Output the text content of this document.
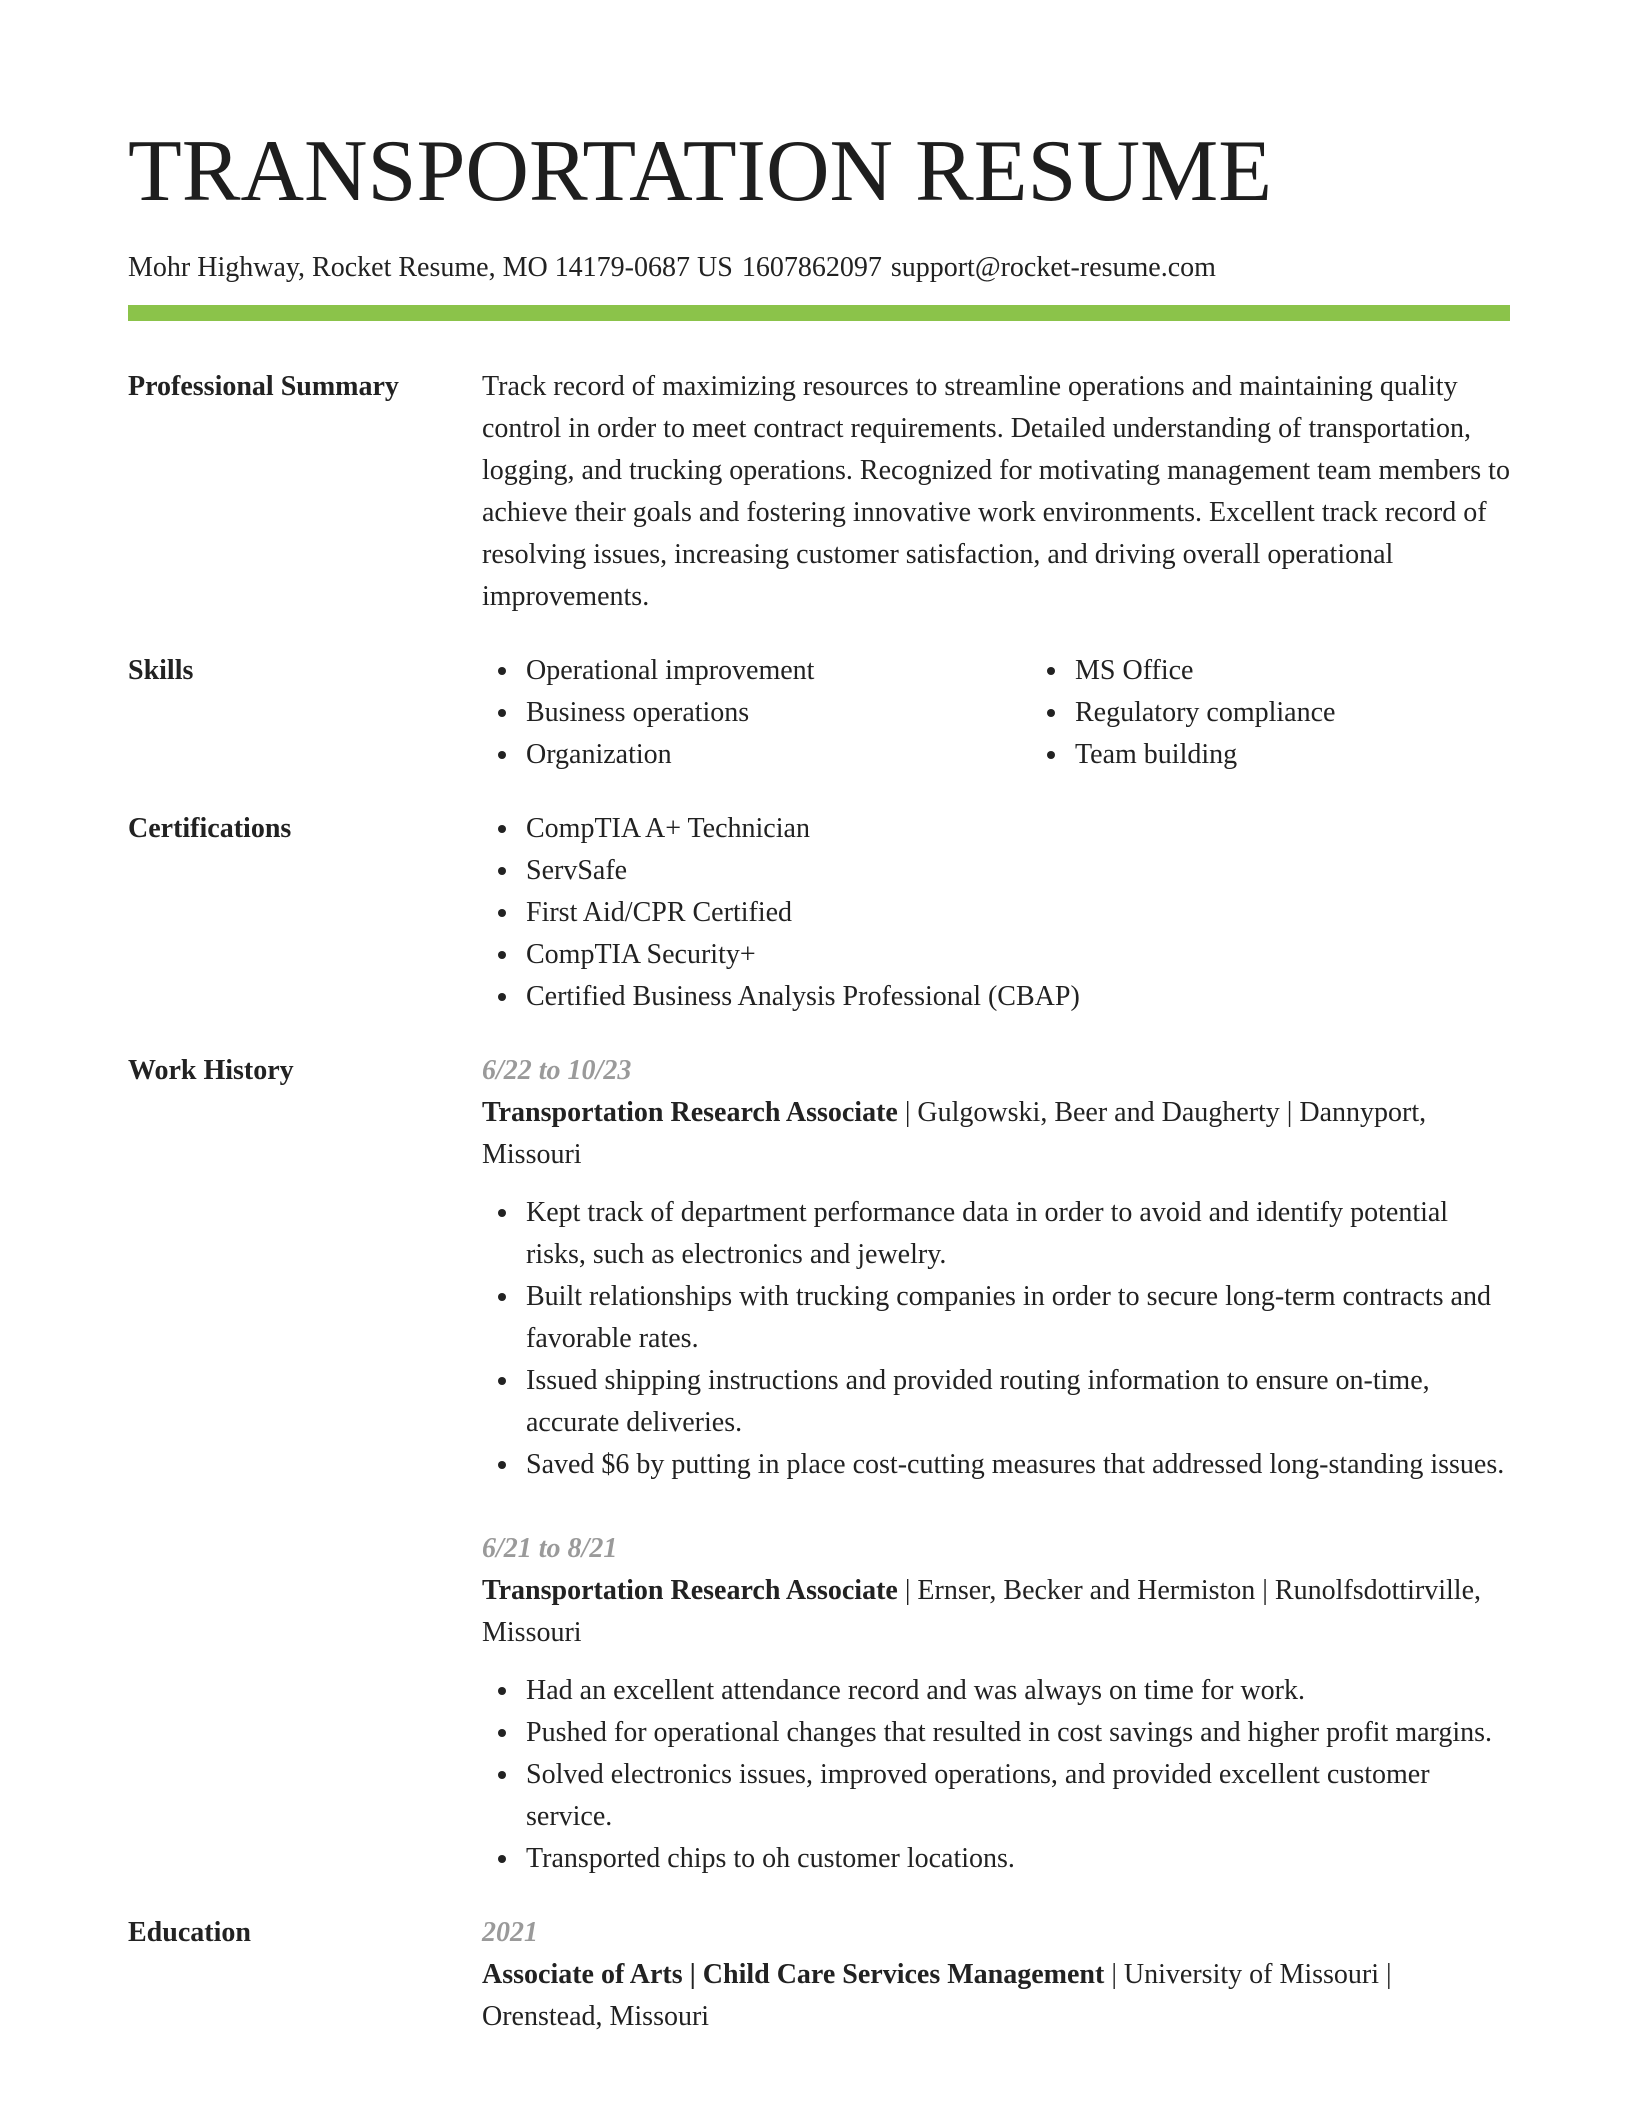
TRANSPORTATION RESUME
Mohr Highway, Rocket Resume, MO 14179-0687 US 1607862097 support@rocket-resume.com
Professional Summary	Track record of maximizing resources to streamline operations and maintaining quality control in order to meet contract requirements. Detailed understanding of transportation, logging, and trucking operations. Recognized for motivating management team members to achieve their goals and fostering innovative work environments. Excellent track record of resolving issues, increasing customer satisfaction, and driving overall operational improvements.
Skills	Operational improvement
Business operations
Organization
MS Office
Regulatory compliance
Team building
Certifications	CompTIA A+ Technician
ServSafe
First Aid/CPR Certified
CompTIA Security+
Certified Business Analysis Professional (CBAP)
Work History	6/22 to 10/23
Transportation Research Associate | Gulgowski, Beer and Daugherty | Dannyport, Missouri
Kept track of department performance data in order to avoid and identify potential risks, such as electronics and jewelry.
Built relationships with trucking companies in order to secure long-term contracts and favorable rates.
Issued shipping instructions and provided routing information to ensure on-time, accurate deliveries.
Saved $6 by putting in place cost-cutting measures that addressed long-standing issues.
6/21 to 8/21
Transportation Research Associate | Ernser, Becker and Hermiston | Runolfsdottirville, Missouri
Had an excellent attendance record and was always on time for work.
Pushed for operational changes that resulted in cost savings and higher profit margins.
Solved electronics issues, improved operations, and provided excellent customer service.
Transported chips to oh customer locations.
Education	2021
Associate of Arts | Child Care Services Management | University of Missouri | Orenstead, Missouri
